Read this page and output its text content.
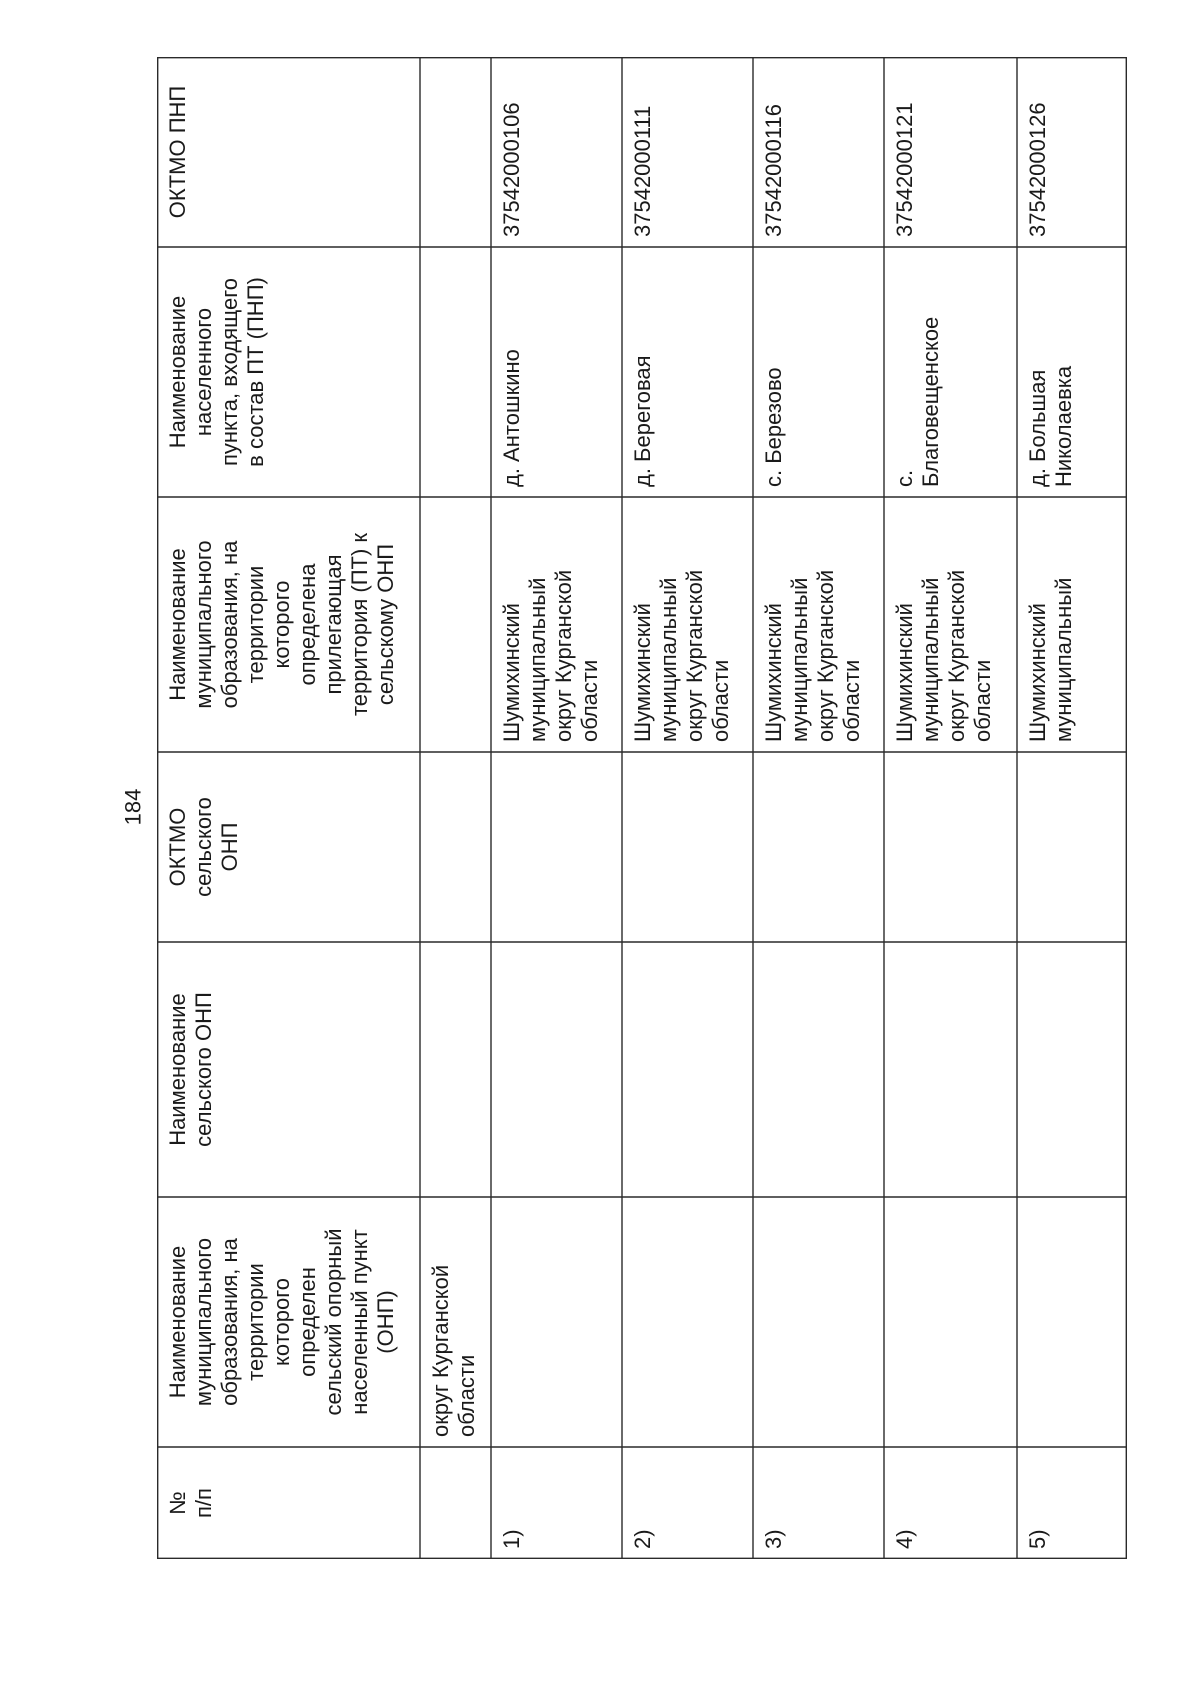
184
ОКТМО ПНП
Наименование
населенного
пункта, входящего
в состав ПТ (ПНП)
Наименование
муниципального
образования, на
территории
которого
определена
прилегающая
территория (ПТ) к
сельскому ОНП
ОКТМО
сельского
ОНП
Наименование
сельского ОНП
Наименование
муниципального
образования, на
территории
которого
определен
сельский опорный
населенный пункт
(ОНП)
№
п/п
округ Курганской
области
37542000106
д. Антошкино
Шумихинский
муниципальный
округ Курганской
области
1)
37542000111
д. Береговая
Шумихинский
муниципальный
округ Курганской
области
2)
37542000116
с. Березово
Шумихинский
муниципальный
округ Курганской
области
3)
37542000121
с.
Благовещенское
Шумихинский
муниципальный
округ Курганской
области
4)
37542000126
д. Большая
Николаевка
Шумихинский
муниципальный
5)
